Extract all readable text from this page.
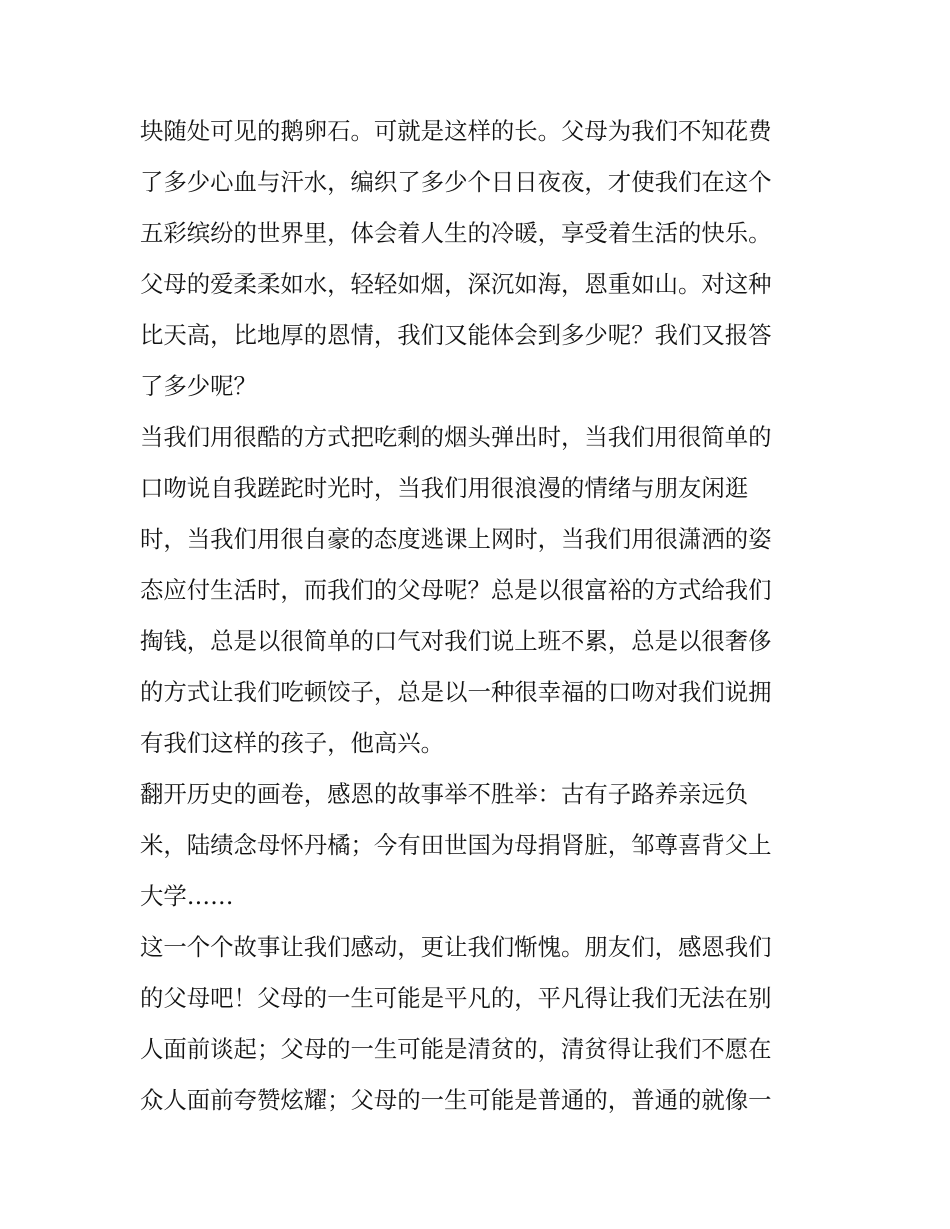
块随处可见的鹅卵石。可就是这样的长。父母为我们不知花费
了多少心血与汗水，编织了多少个日日夜夜，才使我们在这个
五彩缤纷的世界里，体会着人生的冷暖，享受着生活的快乐。
父母的爱柔柔如水，轻轻如烟，深沉如海，恩重如山。对这种
比天高，比地厚的恩情，我们又能体会到多少呢？我们又报答
了多少呢？
当我们用很酷的方式把吃剩的烟头弹出时，当我们用很简单的
口吻说自我蹉跎时光时，当我们用很浪漫的情绪与朋友闲逛
时，当我们用很自豪的态度逃课上网时，当我们用很潇洒的姿
态应付生活时，而我们的父母呢？总是以很富裕的方式给我们
掏钱，总是以很简单的口气对我们说上班不累，总是以很奢侈
的方式让我们吃顿饺子，总是以一种很幸福的口吻对我们说拥
有我们这样的孩子，他高兴。
翻开历史的画卷，感恩的故事举不胜举：古有子路养亲远负
米，陆绩念母怀丹橘；今有田世国为母捐肾脏，邹尊喜背父上
大学……
这一个个故事让我们感动，更让我们惭愧。朋友们，感恩我们
的父母吧！父母的一生可能是平凡的，平凡得让我们无法在别
人面前谈起；父母的一生可能是清贫的，清贫得让我们不愿在
众人面前夸赞炫耀；父母的一生可能是普通的，普通的就像一
